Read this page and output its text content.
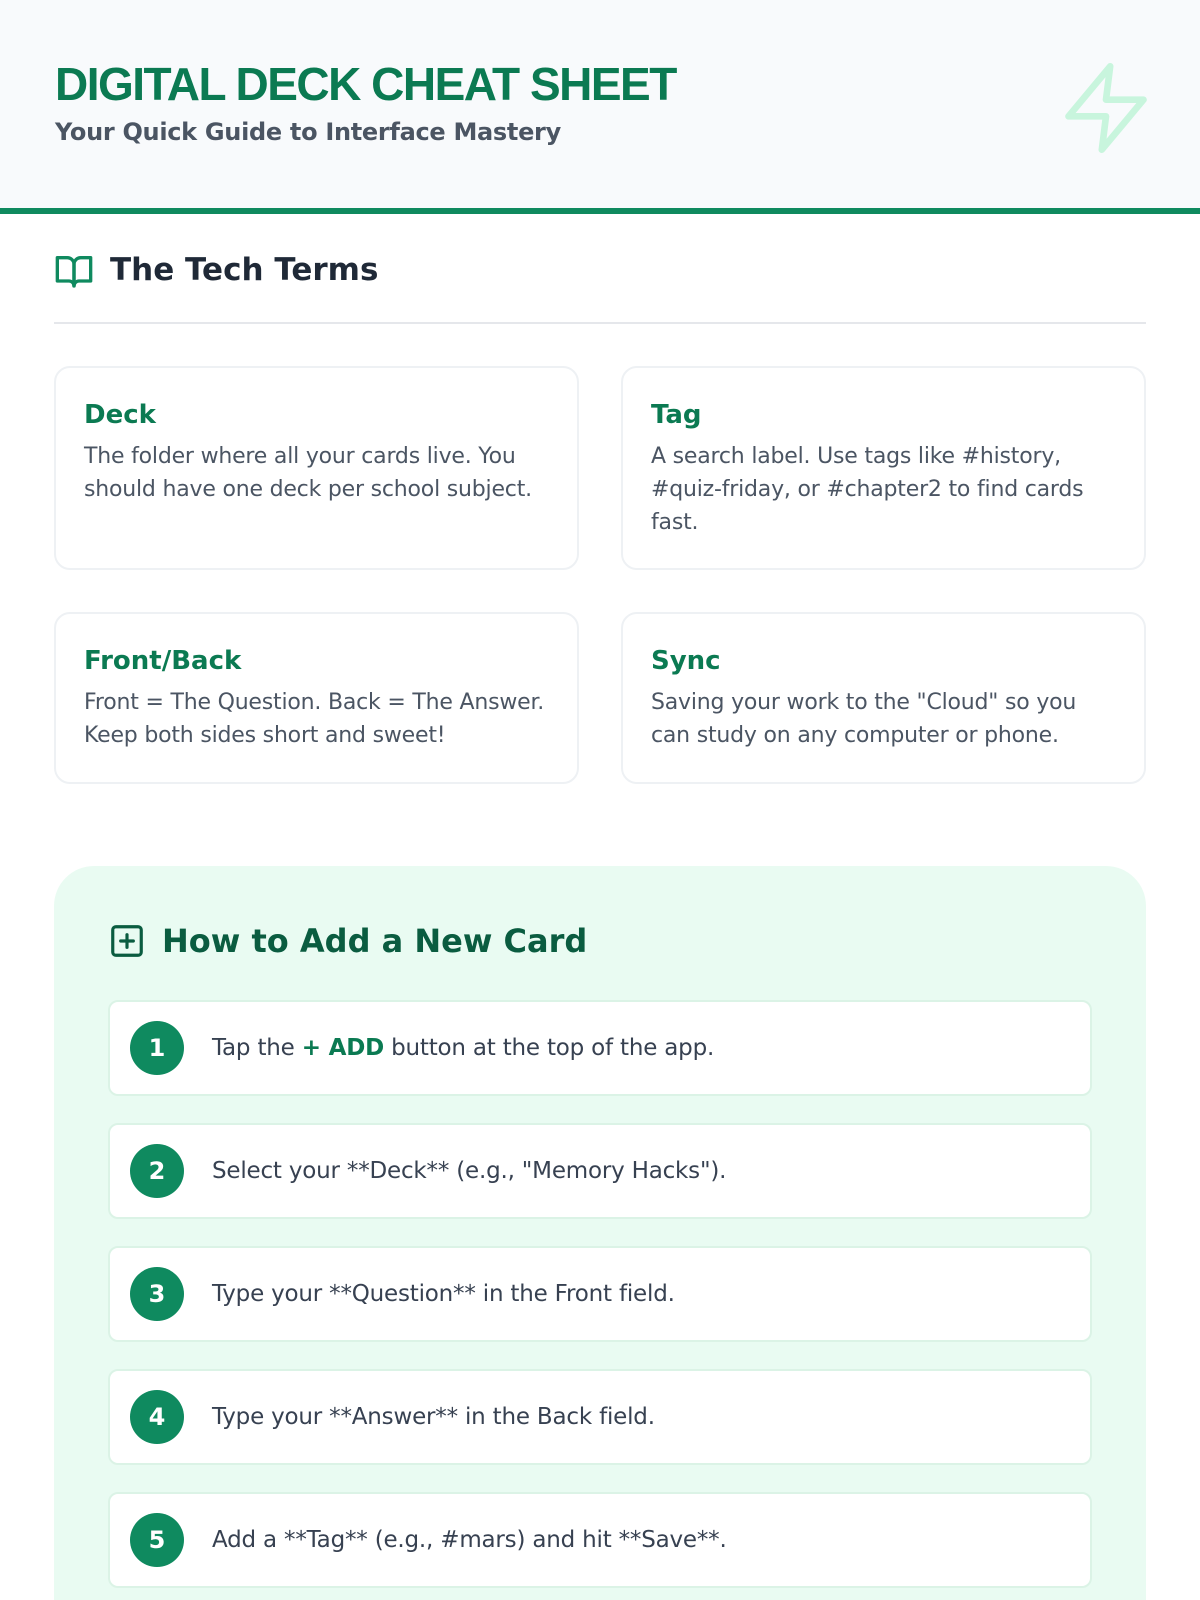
DIGITAL DECK CHEAT SHEET
Your Quick Guide to Interface Mastery
The Tech Terms
Deck
The folder where all your cards live. You should have one deck per school subject.
Tag
A search label. Use tags like #history, #quiz-friday, or #chapter2 to find cards fast.
Front/Back
Front = The Question. Back = The Answer. Keep both sides short and sweet!
Sync
Saving your work to the "Cloud" so you can study on any computer or phone.
How to Add a New Card
1	Tap the + ADD button at the top of the app.
2	Select your **Deck** (e.g., "Memory Hacks").
3	Type your **Question** in the Front field.
4	Type your **Answer** in the Back field.
5	Add a **Tag** (e.g., #mars) and hit **Save**.
